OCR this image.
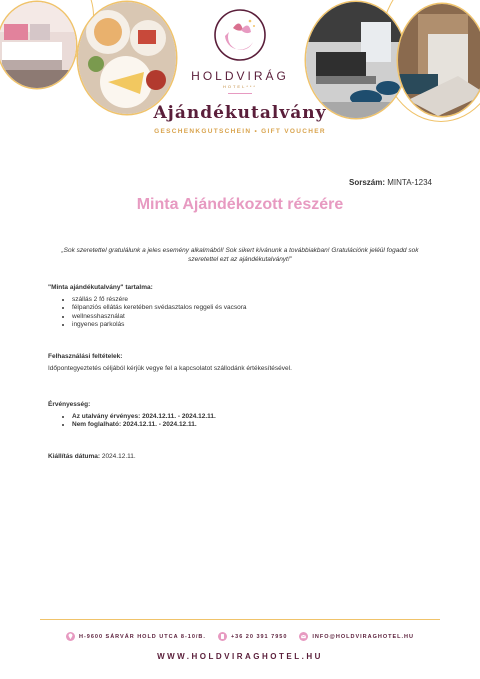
HOLDVIRÁG
HOTEL***
Ajándékutalvány
GESCHENKGUTSCHEIN • GIFT VOUCHER
Sorszám: MINTA-1234
Minta Ajándékozott részére
„Sok szeretettel gratulálunk a jeles esemény alkalmából! Sok sikert kívánunk a továbbiakban! Gratulációnk jeléül fogadd sok szeretettel ezt az ajándékutalványt!”
"Minta ajándékutalvány" tartalma:
• szállás 2 fő részére
• félpanziós ellátás keretében svédasztalos reggeli és vacsora
• wellnesshasználat
• ingyenes parkolás
Felhasználási feltételek:
Időpontegyeztetés céljából kérjük vegye fel a kapcsolatot szállodánk értékesítésével.
Érvényesség:
• Az utalvány érvényes: 2024.12.11. - 2024.12.11.
• Nem foglalható: 2024.12.11. - 2024.12.11.
Kiállítás dátuma: 2024.12.11.
H-9600 SÁRVÁR HOLD UTCA 8-10/B.	+36 20 391 7950	INFO@HOLDVIRAGHOTEL.HU
WWW.HOLDVIRAGHOTEL.HU
